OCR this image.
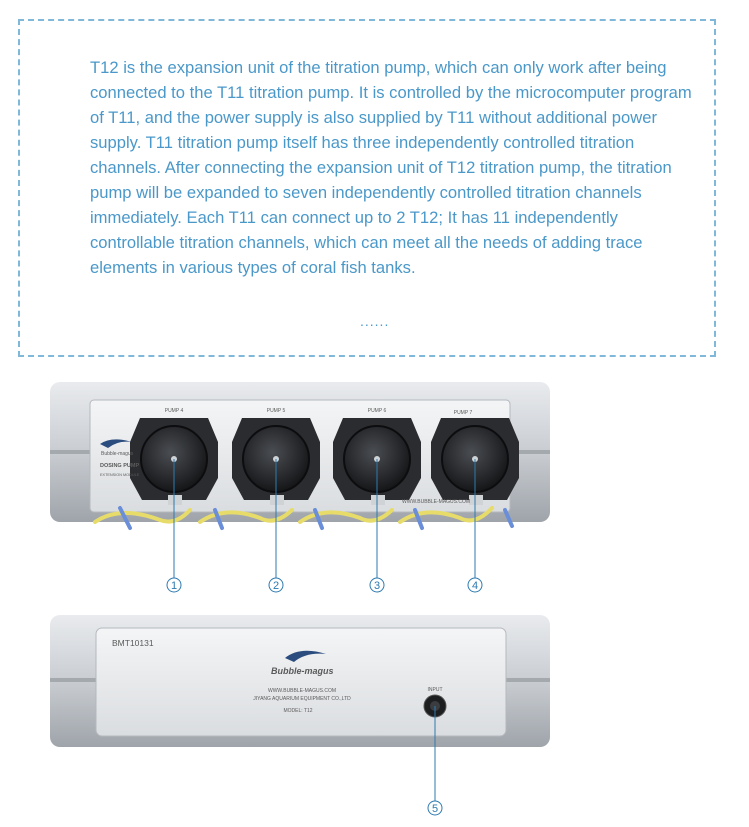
T12 is the expansion unit of the titration pump, which can only work after being connected to the T11 titration pump. It is controlled by the microcomputer program of T11, and the power supply is also supplied by T11 without additional power supply. T11 titration pump itself has three independently controlled titration channels. After connecting the expansion unit of T12 titration pump, the titration pump will be expanded to seven independently controlled titration channels immediately. Each T11 can connect up to 2 T12; It has 11 independently controllable titration channels, which can meet all the needs of adding trace elements in various types of coral fish tanks.

......
PUMP 4	PUMP 5	PUMP 6	PUMP 7
Bubble-magus
DOSING PUMP
EXTENSION MODULE
WWW.BUBBLE-MAGUS.COM
1	2	3	4
BMT10131
Bubble-magus
WWW.BUBBLE-MAGUS.COM
JIYANG AQUARIUM EQUIPMENT CO.,LTD
MODEL: T12
INPUT
5
